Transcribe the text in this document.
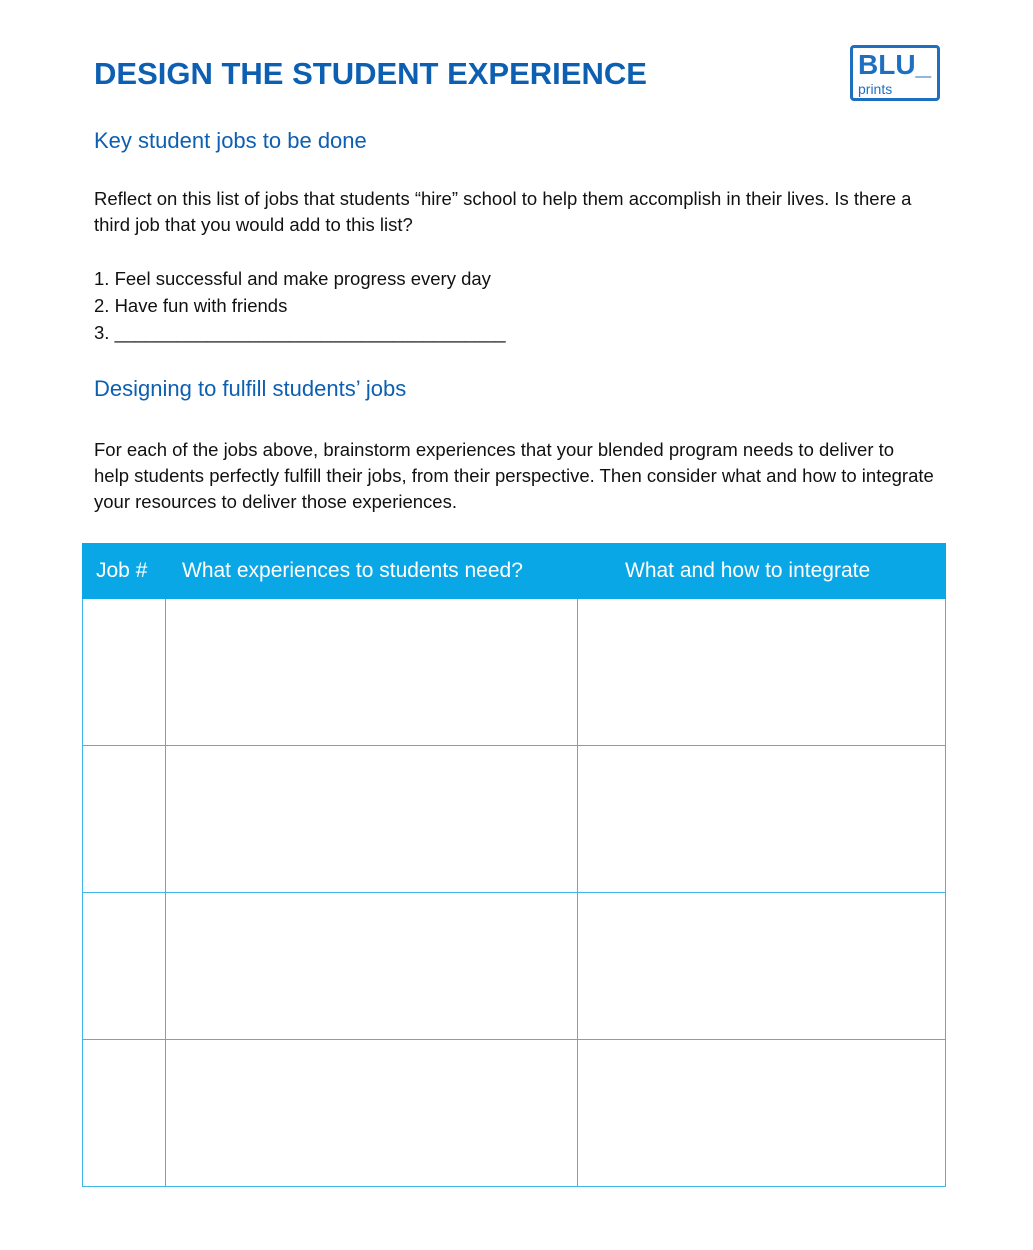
DESIGN THE STUDENT EXPERIENCE	BLU_
prints
Key student jobs to be done

Reflect on this list of jobs that students “hire” school to help them accomplish in their lives. Is there a third job that you would add to this list?

1. Feel successful and make progress every day
2. Have fun with friends
3. ______________________________________
Designing to fulfill students’ jobs

For each of the jobs above, brainstorm experiences that your blended program needs to deliver to help students perfectly fulfill their jobs, from their perspective. Then consider what and how to integrate your resources to deliver those experiences.

Job #	What experiences to students need?	What and how to integrate
